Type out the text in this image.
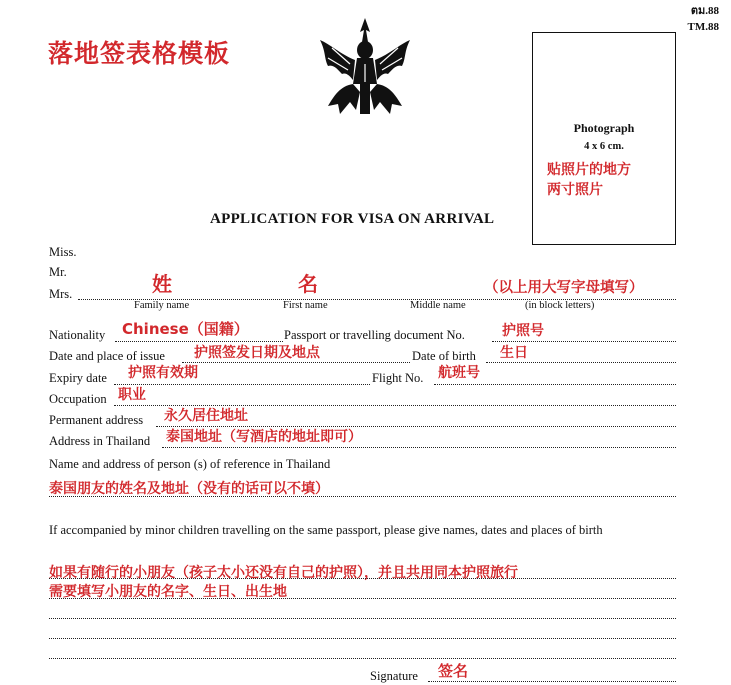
ตม.88
TM.88
落地签表格模板
Photograph
4 x 6 cm.
贴照片的地方
两寸照片
APPLICATION FOR VISA ON ARRIVAL
Miss.
Mr.
Mrs.	姓	名	（以上用大写字母填写）
Family name	First name	Middle name	(in block letters)
Nationality Chinese（国籍）	Passport or travelling document No.	护照号
Date and place of issue 护照签发日期及地点	Date of birth 生日
Expiry date 护照有效期	Flight No. 航班号
Occupation 职业
Permanent address 永久居住地址
Address in Thailand 泰国地址（写酒店的地址即可）
Name and address of person (s) of reference in Thailand
泰国朋友的姓名及地址（没有的话可以不填）
If accompanied by minor children travelling on the same passport, please give names, dates and places of birth
如果有随行的小朋友（孩子太小还没有自己的护照），并且共用同本护照旅行
需要填写小朋友的名字、生日、出生地
Signature 签名
